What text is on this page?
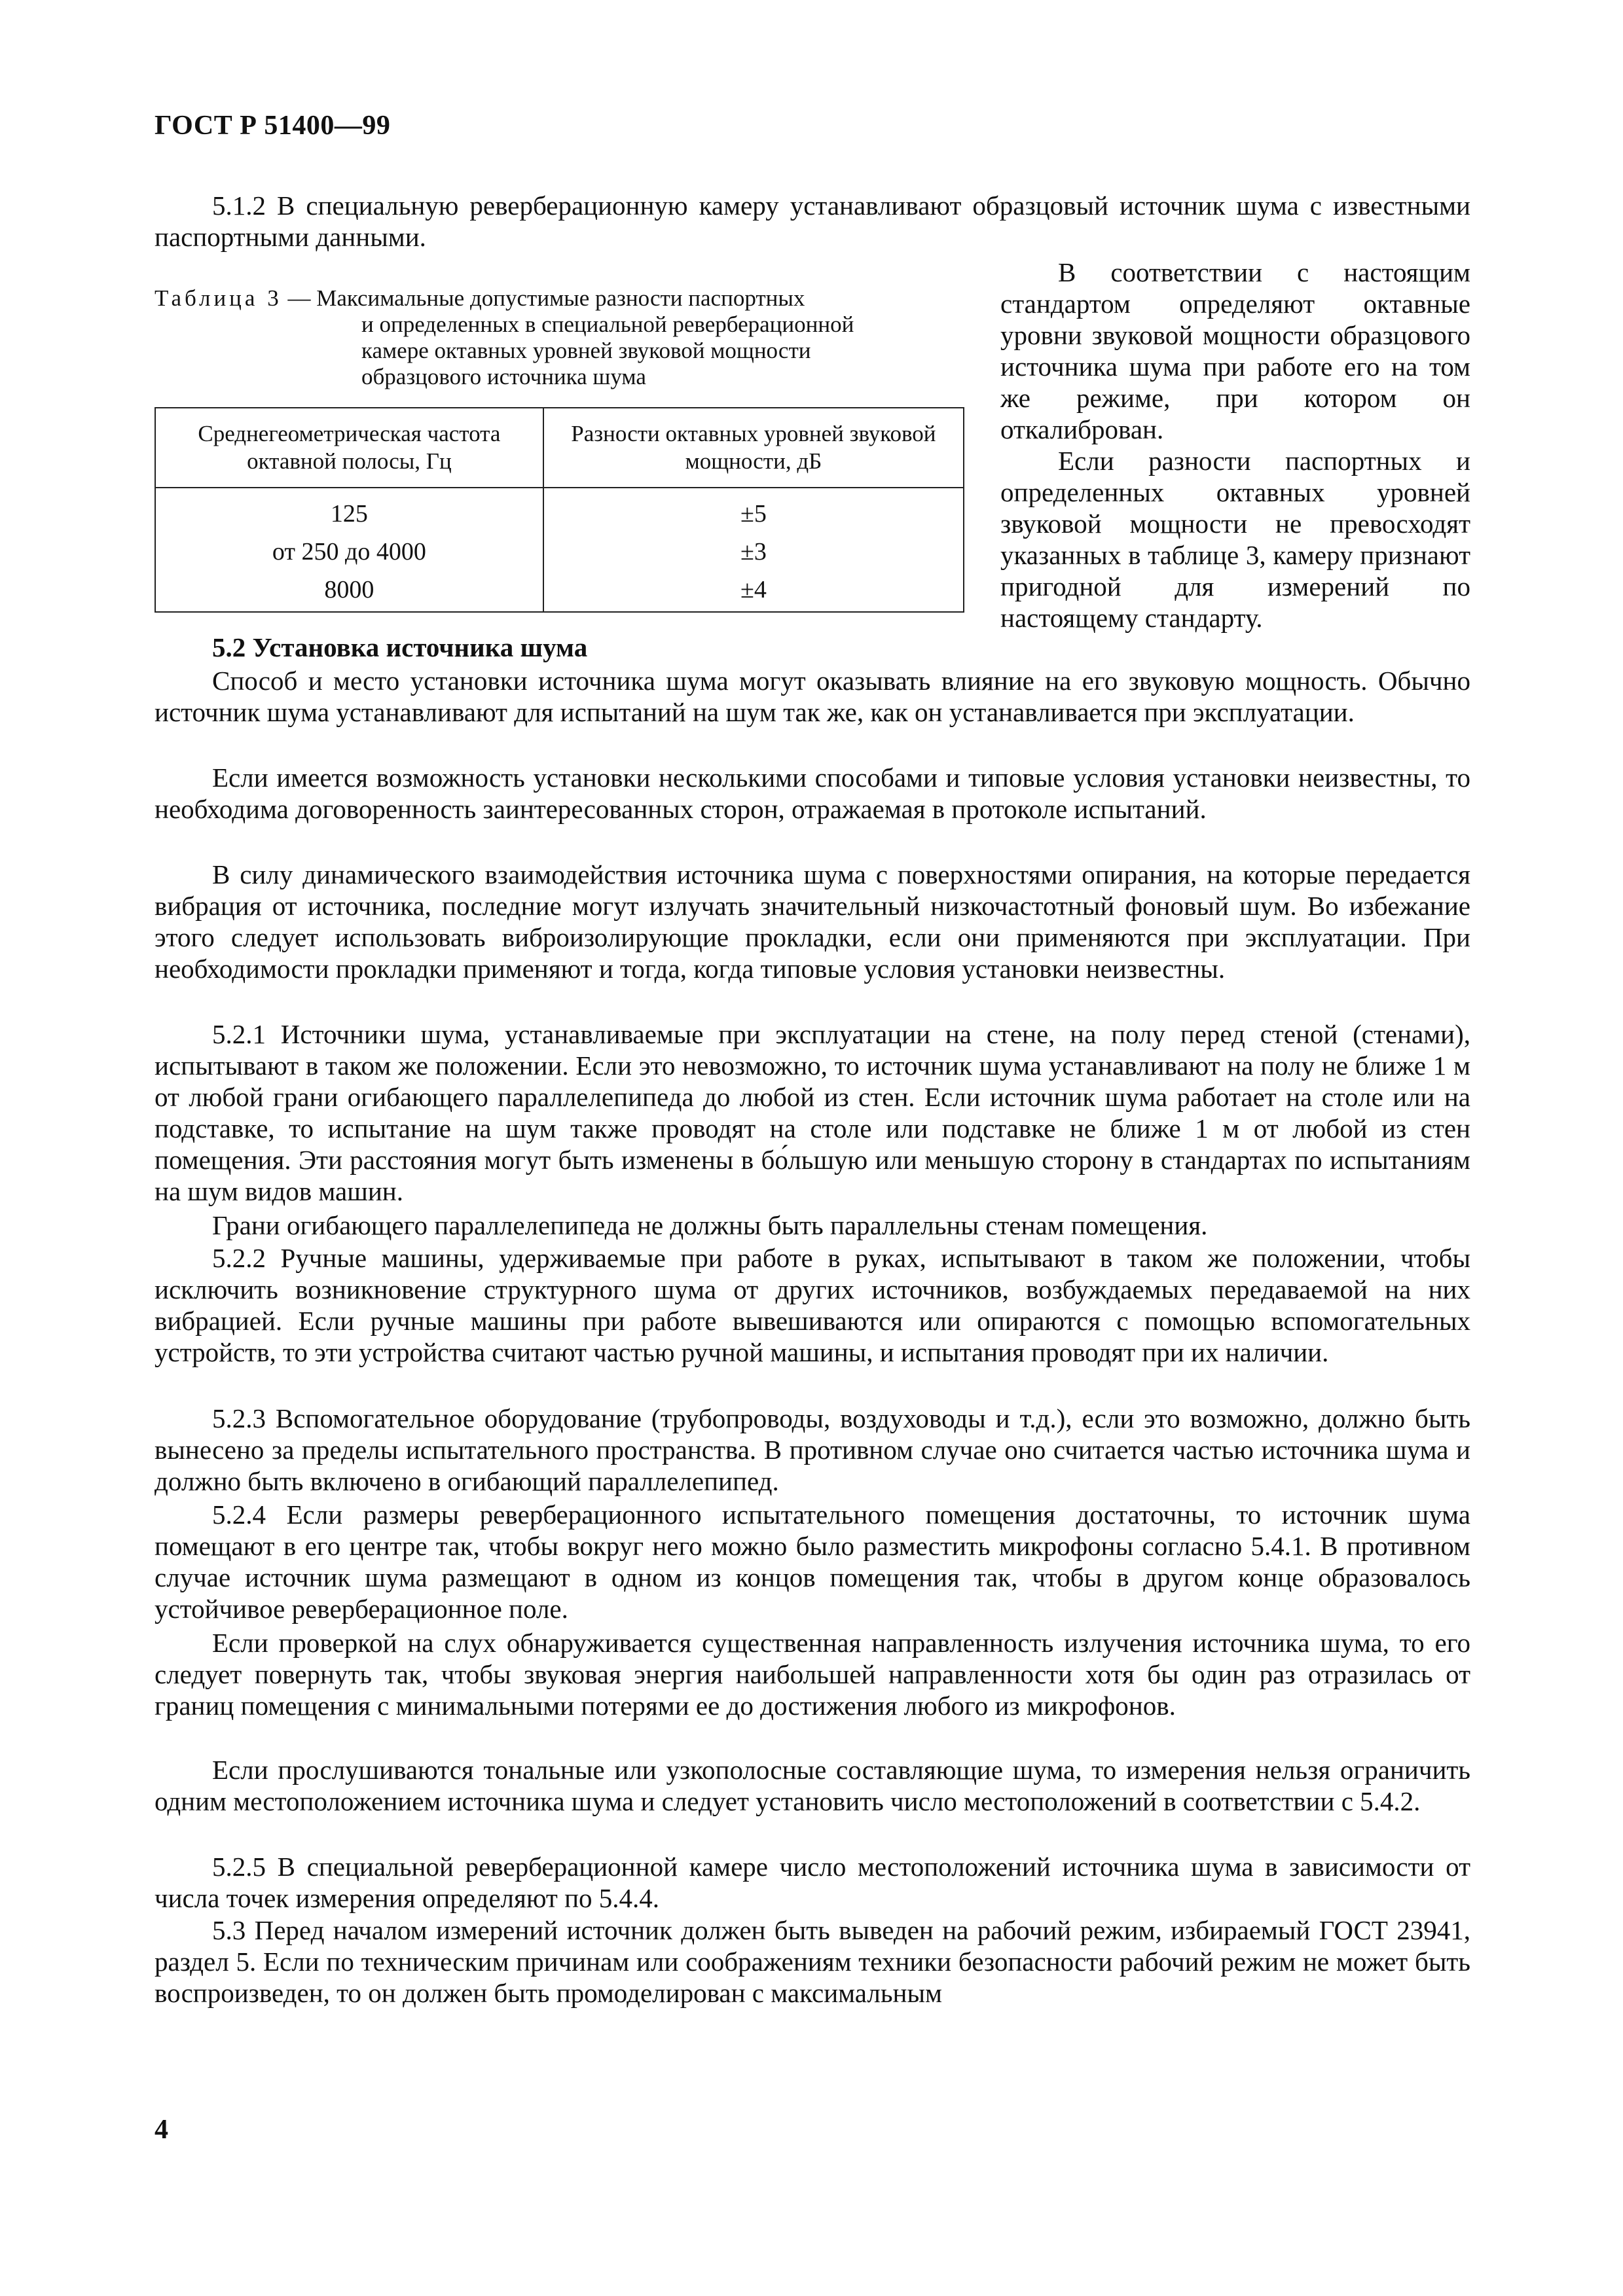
ГОСТ Р 51400—99
5.1.2 В специальную реверберационную камеру устанавливают образцовый источник шума с известными паспортными данными.
Таблица 3 — Максимальные допустимые разности паспортных
и определенных в специальной реверберационной
камере октавных уровней звуковой мощности
образцового источника шума
Среднегеометрическая частота октавной полосы, Гц	Разности октавных уровней звуковой мощности, дБ
125	±5
от 250 до 4000	±3
8000	±4
В соответствии с настоящим стандартом определяют октавные уровни звуковой мощности образцового источника шума при работе его на том же режиме, при котором он откалиброван.
Если разности паспортных и определенных октавных уровней звуковой мощности не превосходят указанных в таблице 3, камеру признают пригодной для измерений по настоящему стандарту.
5.2 Установка источника шума
Способ и место установки источника шума могут оказывать влияние на его звуковую мощность. Обычно источник шума устанавливают для испытаний на шум так же, как он устанавливается при эксплуатации.
Если имеется возможность установки несколькими способами и типовые условия установки неизвестны, то необходима договоренность заинтересованных сторон, отражаемая в протоколе испытаний.
В силу динамического взаимодействия источника шума с поверхностями опирания, на которые передается вибрация от источника, последние могут излучать значительный низкочастотный фоновый шум. Во избежание этого следует использовать виброизолирующие прокладки, если они применяются при эксплуатации. При необходимости прокладки применяют и тогда, когда типовые условия установки неизвестны.
5.2.1 Источники шума, устанавливаемые при эксплуатации на стене, на полу перед стеной (стенами), испытывают в таком же положении. Если это невозможно, то источник шума устанавливают на полу не ближе 1 м от любой грани огибающего параллелепипеда до любой из стен. Если источник шума работает на столе или на подставке, то испытание на шум также проводят на столе или подставке не ближе 1 м от любой из стен помещения. Эти расстояния могут быть изменены в бо́льшую или меньшую сторону в стандартах по испытаниям на шум видов машин.
Грани огибающего параллелепипеда не должны быть параллельны стенам помещения.
5.2.2 Ручные машины, удерживаемые при работе в руках, испытывают в таком же положении, чтобы исключить возникновение структурного шума от других источников, возбуждаемых передаваемой на них вибрацией. Если ручные машины при работе вывешиваются или опираются с помощью вспомогательных устройств, то эти устройства считают частью ручной машины, и испытания проводят при их наличии.
5.2.3 Вспомогательное оборудование (трубопроводы, воздуховоды и т.д.), если это возможно, должно быть вынесено за пределы испытательного пространства. В противном случае оно считается частью источника шума и должно быть включено в огибающий параллелепипед.
5.2.4 Если размеры реверберационного испытательного помещения достаточны, то источник шума помещают в его центре так, чтобы вокруг него можно было разместить микрофоны согласно 5.4.1. В противном случае источник шума размещают в одном из концов помещения так, чтобы в другом конце образовалось устойчивое реверберационное поле.
Если проверкой на слух обнаруживается существенная направленность излучения источника шума, то его следует повернуть так, чтобы звуковая энергия наибольшей направленности хотя бы один раз отразилась от границ помещения с минимальными потерями ее до достижения любого из микрофонов.
Если прослушиваются тональные или узкополосные составляющие шума, то измерения нельзя ограничить одним местоположением источника шума и следует установить число местоположений в соответствии с 5.4.2.
5.2.5 В специальной реверберационной камере число местоположений источника шума в зависимости от числа точек измерения определяют по 5.4.4.
5.3 Перед началом измерений источник должен быть выведен на рабочий режим, избираемый ГОСТ 23941, раздел 5. Если по техническим причинам или соображениям техники безопасности рабочий режим не может быть воспроизведен, то он должен быть промоделирован с максимальным
4
